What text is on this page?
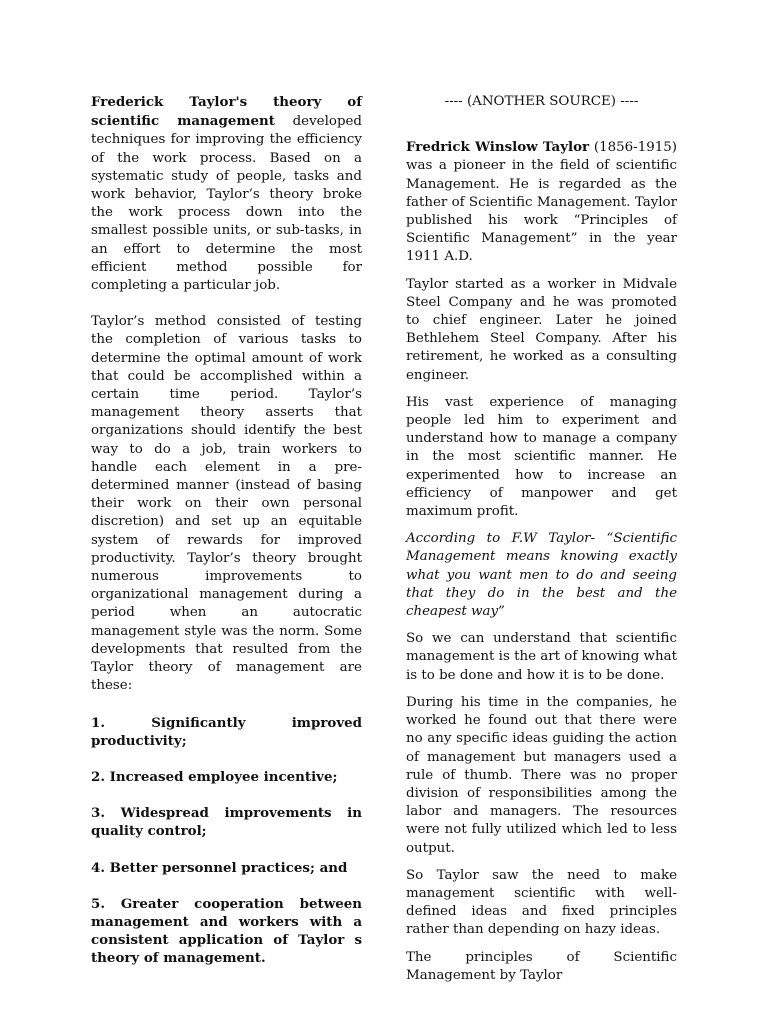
Frederick Taylor's theory of scientific management developed techniques for improving the efficiency of the work process. Based on a systematic study of people, tasks and work behavior, Taylor’s theory broke the work process down into the smallest possible units, or sub-tasks, in an effort to determine the most efficient method possible for completing a particular job.

Taylor’s method consisted of testing the completion of various tasks to determine the optimal amount of work that could be accomplished within a certain time period. Taylor’s management theory asserts that organizations should identify the best way to do a job, train workers to handle each element in a pre-determined manner (instead of basing their work on their own personal discretion) and set up an equitable system of rewards for improved productivity. Taylor’s theory brought numerous improvements to organizational management during a period when an autocratic management style was the norm. Some developments that resulted from the Taylor theory of management are these:

1. Significantly improved productivity;

2. Increased employee incentive;

3. Widespread improvements in quality control;

4. Better personnel practices; and

5. Greater cooperation between management and workers with a consistent application of Taylor s theory of management.

---- (ANOTHER SOURCE) ----

Fredrick Winslow Taylor (1856-1915) was a pioneer in the field of scientific Management. He is regarded as the father of Scientific Management. Taylor published his work “Principles of Scientific Management” in the year 1911 A.D.

Taylor started as a worker in Midvale Steel Company and he was promoted to chief engineer. Later he joined Bethlehem Steel Company. After his retirement, he worked as a consulting engineer.

His vast experience of managing people led him to experiment and understand how to manage a company in the most scientific manner. He experimented how to increase an efficiency of manpower and get maximum profit.

According to F.W Taylor- “Scientific Management means knowing exactly what you want men to do and seeing that they do in the best and the cheapest way”

So we can understand that scientific management is the art of knowing what is to be done and how it is to be done.

During his time in the companies, he worked he found out that there were no any specific ideas guiding the action of management but managers used a rule of thumb. There was no proper division of responsibilities among the labor and managers. The resources were not fully utilized which led to less output.

So Taylor saw the need to make management scientific with well-defined ideas and fixed principles rather than depending on hazy ideas.

The principles of Scientific Management by Taylor
